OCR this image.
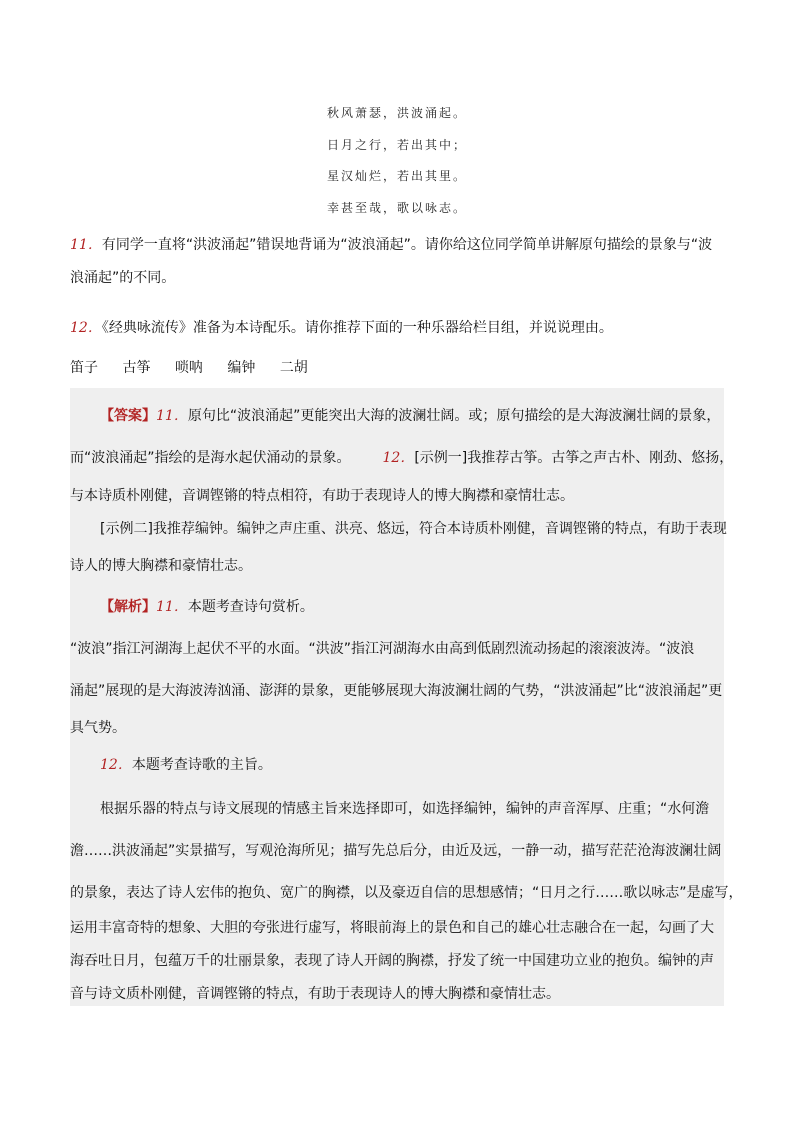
秋风萧瑟，洪波涌起。
日月之行，若出其中；
星汉灿烂，若出其里。
幸甚至哉，歌以咏志。
11．有同学一直将“洪波涌起”错误地背诵为“波浪涌起”。请你给这位同学简单讲解原句描绘的景象与“波
浪涌起”的不同。
12．《经典咏流传》准备为本诗配乐。请你推荐下面的一种乐器给栏目组，并说说理由。
笛子 古筝 唢呐 编钟 二胡
【答案】11．原句比“波浪涌起”更能突出大海的波澜壮阔。或；原句描绘的是大海波澜壮阔的景象，
而“波浪涌起”指绘的是海水起伏涌动的景象。 12．[示例一]我推荐古筝。古筝之声古朴、刚劲、悠扬，
与本诗质朴刚健，音调铿锵的特点相符，有助于表现诗人的博大胸襟和豪情壮志。
[示例二]我推荐编钟。编钟之声庄重、洪亮、悠远，符合本诗质朴刚健，音调铿锵的特点，有助于表现
诗人的博大胸襟和豪情壮志。
【解析】11．本题考查诗句赏析。
“波浪”指江河湖海上起伏不平的水面。“洪波”指江河湖海水由高到低剧烈流动扬起的滚滚波涛。“波浪
涌起”展现的是大海波涛汹涌、澎湃的景象，更能够展现大海波澜壮阔的气势，“洪波涌起”比“波浪涌起”更
具气势。
12．本题考查诗歌的主旨。
根据乐器的特点与诗文展现的情感主旨来选择即可，如选择编钟，编钟的声音浑厚、庄重；“水何澹
澹……洪波涌起”实景描写，写观沧海所见；描写先总后分，由近及远，一静一动，描写茫茫沧海波澜壮阔
的景象，表达了诗人宏伟的抱负、宽广的胸襟，以及豪迈自信的思想感情；“日月之行……歌以咏志”是虚写，
运用丰富奇特的想象、大胆的夸张进行虚写，将眼前海上的景色和自己的雄心壮志融合在一起，勾画了大
海吞吐日月，包蕴万千的壮丽景象，表现了诗人开阔的胸襟，抒发了统一中国建功立业的抱负。编钟的声
音与诗文质朴刚健，音调铿锵的特点，有助于表现诗人的博大胸襟和豪情壮志。
